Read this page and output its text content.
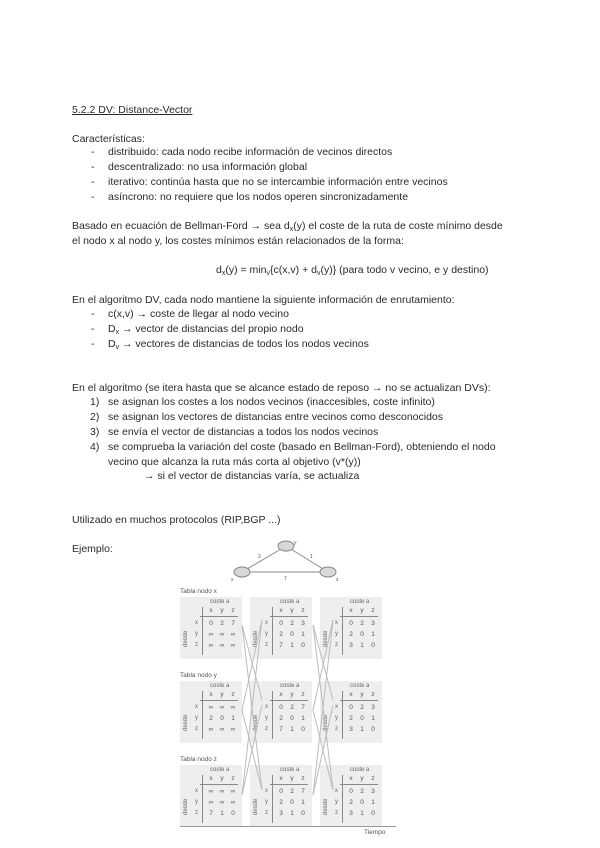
5.2.2 DV: Distance-Vector
Características:
- distribuido: cada nodo recibe información de vecinos directos
- descentralizado: no usa información global
- iterativo: continúa hasta que no se intercambie información entre vecinos
- asíncrono: no requiere que los nodos operen sincronizadamente
Basado en ecuación de Bellman-Ford → sea $d_x(y)$ el coste de la ruta de coste mínimo desde
el nodo x al nodo y, los costes mínimos están relacionados de la forma:
$d_x(y) = \min_v\{c(x,v) + d_v(y)\}$ (para todo v vecino, e y destino)
En el algoritmo DV, cada nodo mantiene la siguiente información de enrutamiento:
- c(x,v) → coste de llegar al nodo vecino
- $D_x$ → vector de distancias del propio nodo
- $D_v$ → vectores de distancias de todos los nodos vecinos
En el algoritmo (se itera hasta que se alcance estado de reposo → no se actualizan DVs):
1) se asignan los costes a los nodos vecinos (inaccesibles, coste infinito)
2) se asignan los vectores de distancias entre vecinos como desconocidos
3) se envía el vector de distancias a todos los nodos vecinos
4) se comprueba la variación del coste (basado en Bellman-Ford), obteniendo el nodo
vecino que alcanza la ruta más corta al objetivo (v*(y))
→ si el vector de distancias varía, se actualiza
Utilizado en muchos protocolos (RIP,BGP ...)
Ejemplo:
x
y
z
2	1
7
Tabla nodo x
coste a
x	y	z
desde
x	0	2	7
y	∞ ∞ ∞
z	∞ ∞ ∞
coste a
x	y	z
desde
x	0	2	3
y	2	0	1
z	7	1	0
coste a
x	y	z
desde
x	0	2	3
y	2	0	1
z	3	1	0
Tabla nodo y
coste a
x	y	z
desde
x	∞ ∞ ∞
y	2	0	1
z	∞ ∞ ∞
coste a
x	y	z
desde
x	0	2	7
y	2	0	1
z	7	1	0
coste a
x	y	z
desde
x	0	2	3
y	2	0	1
z	3	1	0
Tabla nodo z
coste a
x	y	z
desde
x	∞ ∞ ∞
y	∞ ∞ ∞
z	7	1	0
coste a
x	y	z
desde
x	0	2	7
y	2	0	1
z	3	1	0
coste a
x	y	z
desde
x	0	2	3
y	2	0	1
z	3	1	0
Tiempo
